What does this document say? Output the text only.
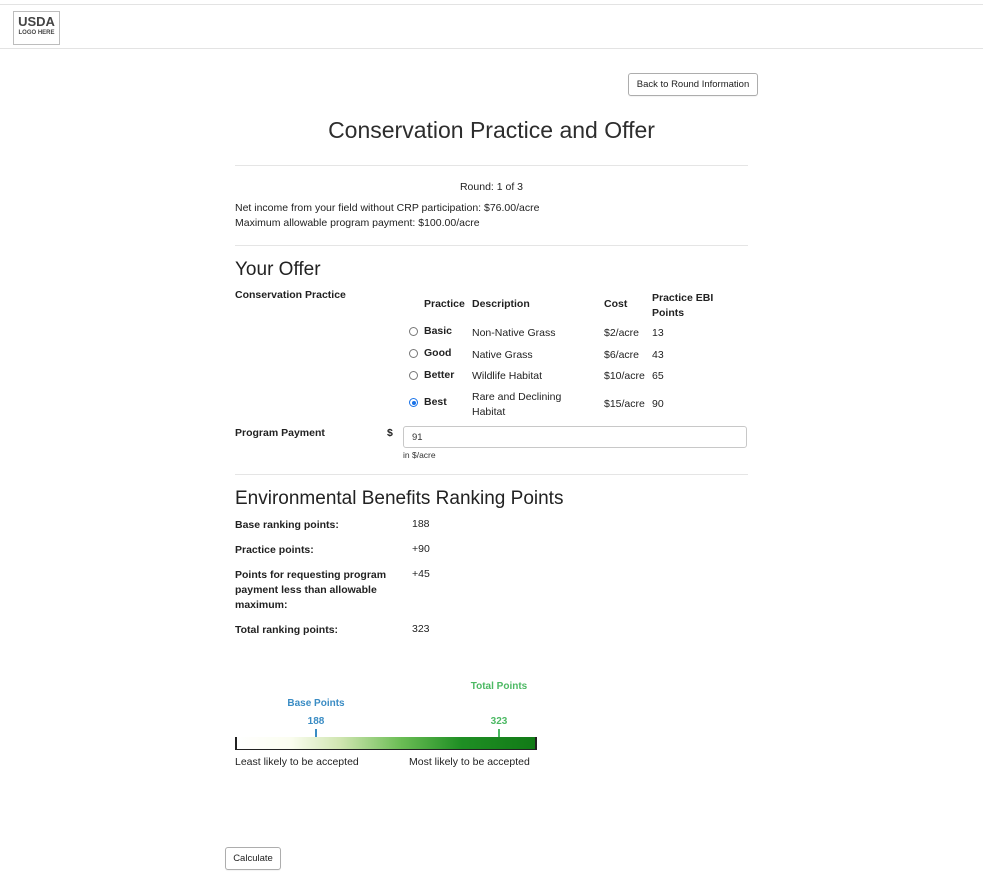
USDA
LOGO HERE
Back to Round Information
Conservation Practice and Offer
Round: 1 of 3
Net income from your field without CRP participation: $76.00/acre
Maximum allowable program payment: $100.00/acre
Your Offer
Conservation Practice
Practice Description	Cost Practice EBI
Points
Basic Non-Native Grass	$2/acre 13
Good Native Grass	$6/acre 43
Better Wildlife Habitat	$10/acre 65
Best Rare and Declining
Habitat
$15/acre 90
Program Payment	$
91
in $/acre
Environmental Benefits Ranking Points
Base ranking points:	188
Practice points:	+90
Points for requesting program
payment less than allowable
maximum:
+45
Total ranking points:	323
Base Points
188
Total Points
323
Least likely to be accepted	Most likely to be accepted
Calculate
